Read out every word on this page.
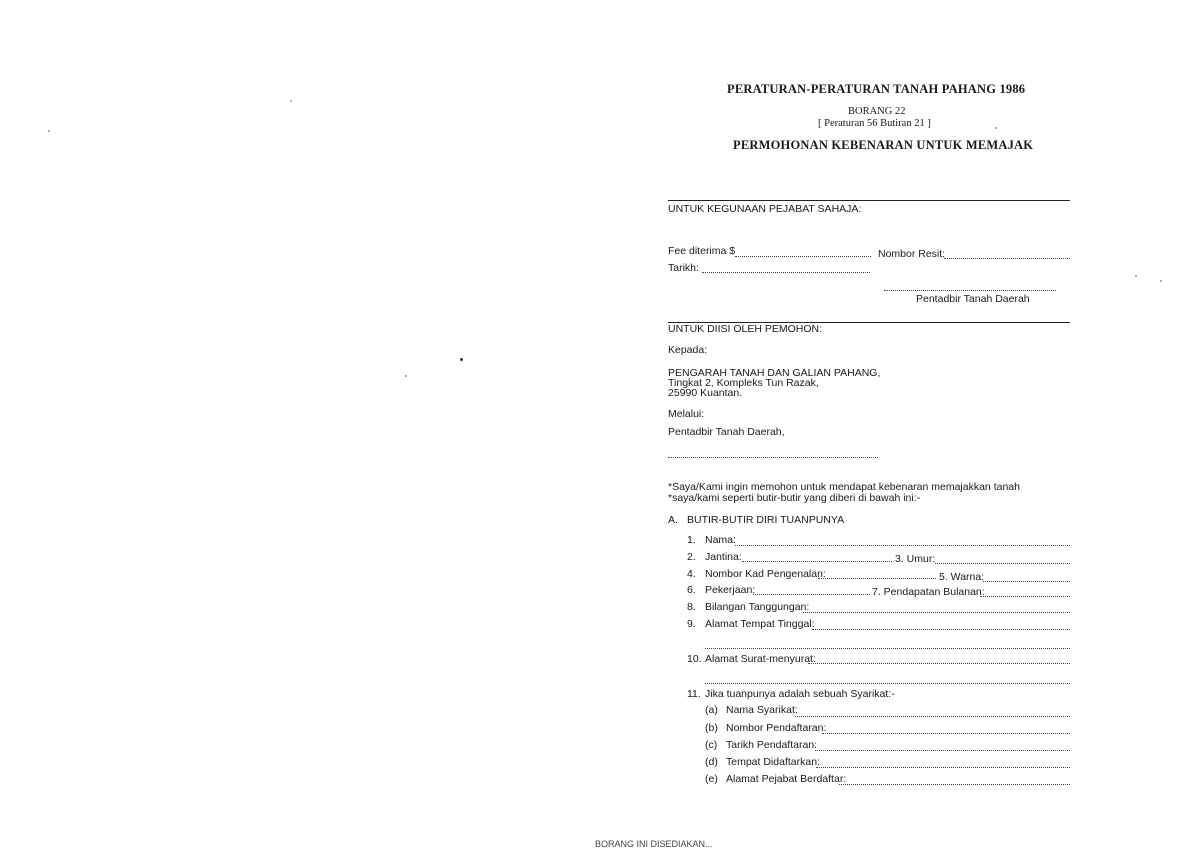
PERATURAN-PERATURAN TANAH PAHANG 1986
BORANG 22
[ Peraturan 56 Butiran 21 ]
PERMOHONAN KEBENARAN UNTUK MEMAJAK
UNTUK KEGUNAAN PEJABAT SAHAJA:
Fee diterima $	Nombor Resit:
Tarikh:
Pentadbir Tanah Daerah
UNTUK DIISI OLEH PEMOHON:
Kepada:
PENGARAH TANAH DAN GALIAN PAHANG,
Tingkat 2, Kompleks Tun Razak,
25990 Kuantan.
Melalui:
Pentadbir Tanah Daerah,
*Saya/Kami ingin memohon untuk mendapat kebenaran memajakkan tanah
*saya/kami seperti butir-butir yang diberi di bawah ini:-
A. BUTIR-BUTIR DIRI TUANPUNYA
1. Nama:
2. Jantina:	3. Umur:
4. Nombor Kad Pengenalan:	5. Warna:
6. Pekerjaan:	7. Pendapatan Bulanan:
8. Bilangan Tanggungan:
9. Alamat Tempat Tinggal:
10. Alamat Surat-menyurat:
11. Jika tuanpunya adalah sebuah Syarikat:-
(a) Nama Syarikat:
(b) Nombor Pendaftaran:
(c) Tarikh Pendaftaran:
(d) Tempat Didaftarkan:
(e) Alamat Pejabat Berdaftar:
BORANG INI DISEDIAKAN...
